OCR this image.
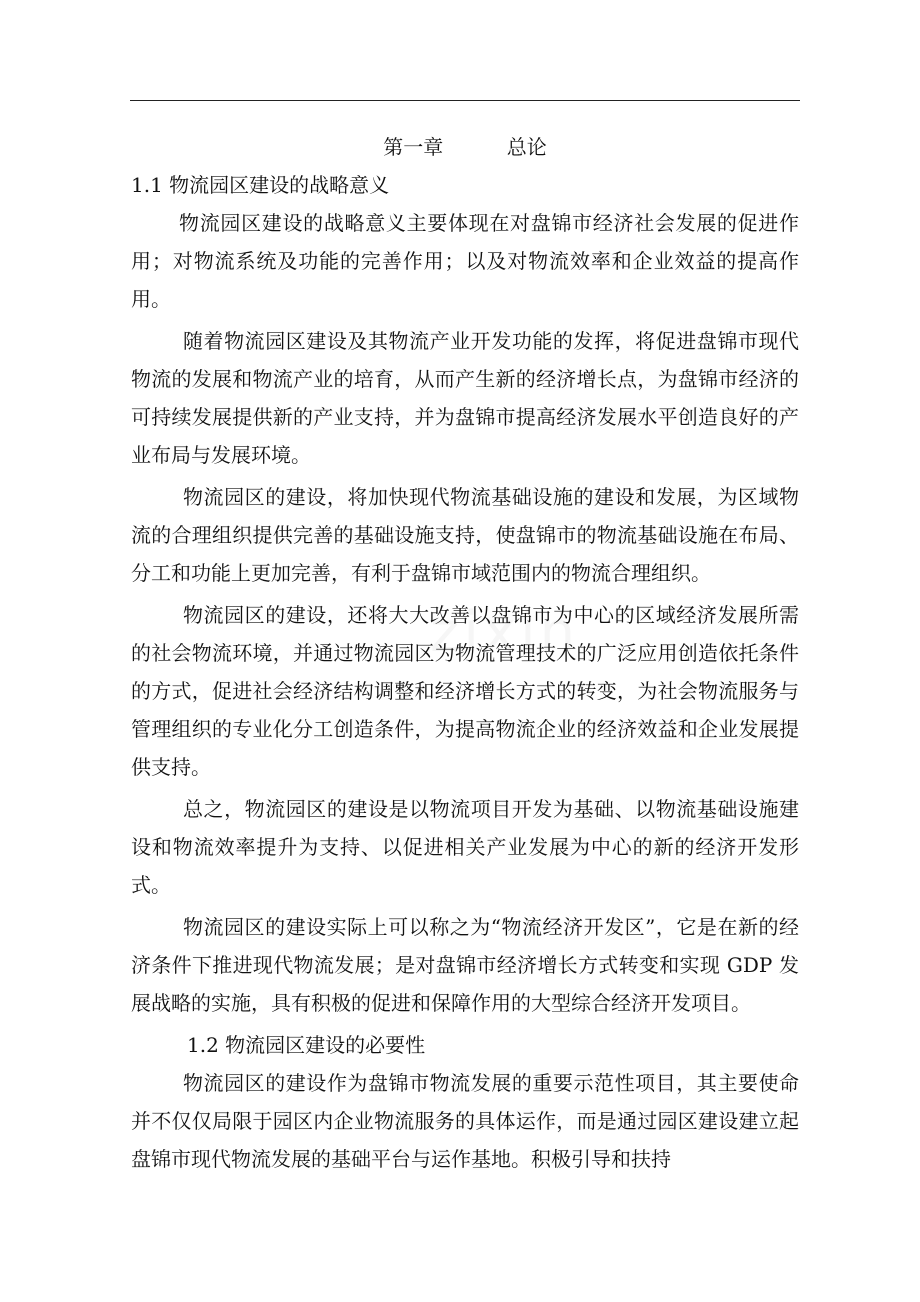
第一章          总论
1.1 物流园区建设的战略意义

物流园区建设的战略意义主要体现在对盘锦市经济社会发展的促进作用；对物流系统及功能的完善作用；以及对物流效率和企业效益的提高作用。

随着物流园区建设及其物流产业开发功能的发挥，将促进盘锦市现代物流的发展和物流产业的培育，从而产生新的经济增长点，为盘锦市经济的可持续发展提供新的产业支持，并为盘锦市提高经济发展水平创造良好的产业布局与发展环境。

物流园区的建设，将加快现代物流基础设施的建设和发展，为区域物流的合理组织提供完善的基础设施支持，使盘锦市的物流基础设施在布局、分工和功能上更加完善，有利于盘锦市域范围内的物流合理组织。

物流园区的建设，还将大大改善以盘锦市为中心的区域经济发展所需的社会物流环境，并通过物流园区为物流管理技术的广泛应用创造依托条件的方式，促进社会经济结构调整和经济增长方式的转变，为社会物流服务与管理组织的专业化分工创造条件，为提高物流企业的经济效益和企业发展提供支持。

总之，物流园区的建设是以物流项目开发为基础、以物流基础设施建设和物流效率提升为支持、以促进相关产业发展为中心的新的经济开发形式。

物流园区的建设实际上可以称之为“物流经济开发区”，它是在新的经济条件下推进现代物流发展；是对盘锦市经济增长方式转变和实现 GDP 发展战略的实施，具有积极的促进和保障作用的大型综合经济开发项目。

1.2 物流园区建设的必要性

物流园区的建设作为盘锦市物流发展的重要示范性项目，其主要使命并不仅仅局限于园区内企业物流服务的具体运作，而是通过园区建设建立起盘锦市现代物流发展的基础平台与运作基地。积极引导和扶持
